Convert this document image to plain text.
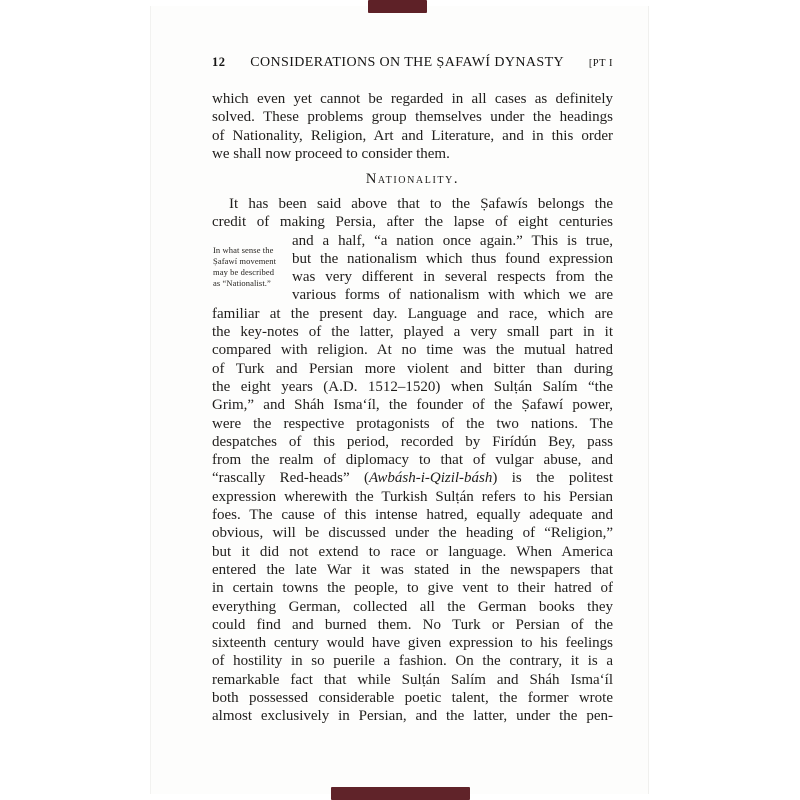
12 CONSIDERATIONS ON THE ṢAFAWÍ DYNASTY [PT I
which even yet cannot be regarded in all cases as definitely
solved. These problems group themselves under the headings
of Nationality, Religion, Art and Literature, and in this order
we shall now proceed to consider them.
Nationality.
It has been said above that to the Ṣafawís belongs the
credit of making Persia, after the lapse of eight centuries
In what sense the
Ṣafawí movement
may be described
as “Nationalist.”
and a half, “a nation once again.” This is true,
but the nationalism which thus found expression
was very different in several respects from the
various forms of nationalism with which we are
familiar at the present day. Language and race, which are
the key-notes of the latter, played a very small part in it
compared with religion. At no time was the mutual hatred
of Turk and Persian more violent and bitter than during
the eight years (A.D. 1512–1520) when Sulṭán Salím “the
Grim,” and Sháh Isma‘íl, the founder of the Ṣafawí power,
were the respective protagonists of the two nations. The
despatches of this period, recorded by Firídún Bey, pass
from the realm of diplomacy to that of vulgar abuse, and
“rascally Red-heads” (Awbásh-i-Qizil-básh) is the politest
expression wherewith the Turkish Sulṭán refers to his Persian
foes. The cause of this intense hatred, equally adequate and
obvious, will be discussed under the heading of “Religion,”
but it did not extend to race or language. When America
entered the late War it was stated in the newspapers that
in certain towns the people, to give vent to their hatred of
everything German, collected all the German books they
could find and burned them. No Turk or Persian of the
sixteenth century would have given expression to his feelings
of hostility in so puerile a fashion. On the contrary, it is a
remarkable fact that while Sulṭán Salím and Sháh Isma‘íl
both possessed considerable poetic talent, the former wrote
almost exclusively in Persian, and the latter, under the pen-
